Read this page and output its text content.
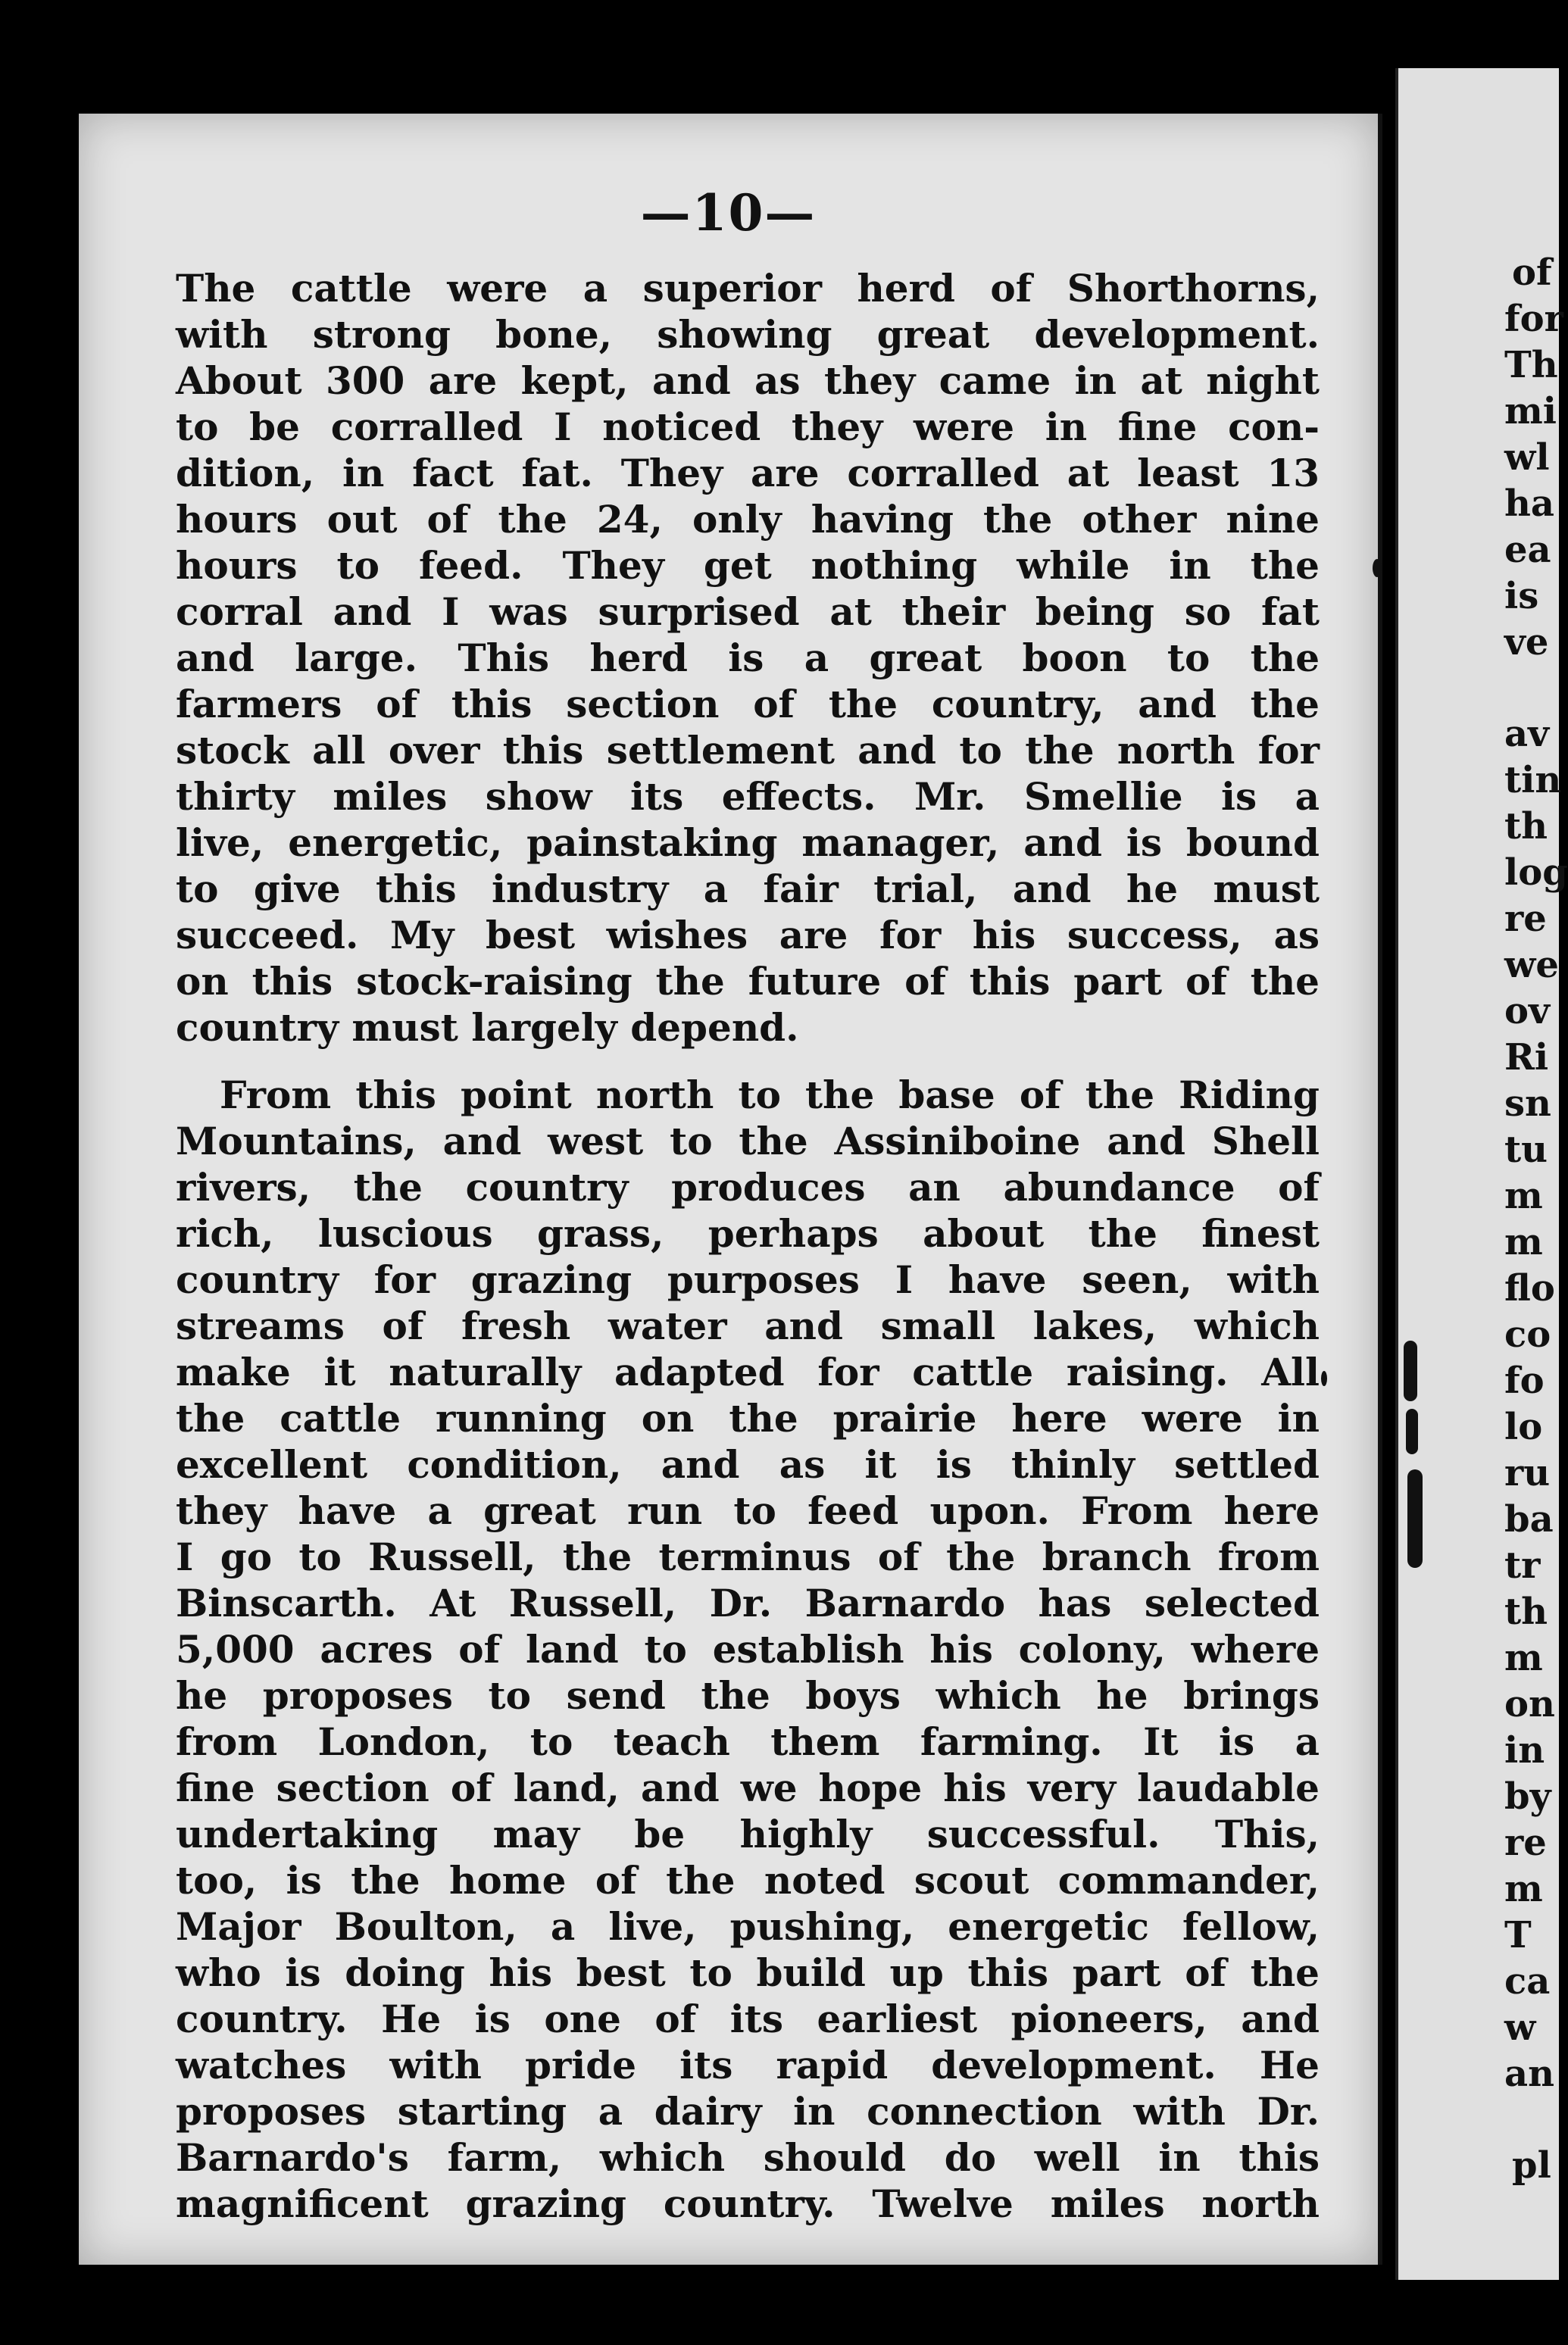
—10—
The cattle were a superior herd of Shorthorns,
with strong bone, showing great development.
About 300 are kept, and as they came in at night
to be corralled I noticed they were in fine con-
dition, in fact fat. They are corralled at least 13
hours out of the 24, only having the other nine
hours to feed. They get nothing while in the
corral and I was surprised at their being so fat
and large. This herd is a great boon to the
farmers of this section of the country, and the
stock all over this settlement and to the north for
thirty miles show its effects. Mr. Smellie is a
live, energetic, painstaking manager, and is bound
to give this industry a fair trial, and he must
succeed. My best wishes are for his success, as
on this stock-raising the future of this part of the
country must largely depend.
From this point north to the base of the Riding
Mountains, and west to the Assiniboine and Shell
rivers, the country produces an abundance of
rich, luscious grass, perhaps about the finest
country for grazing purposes I have seen, with
streams of fresh water and small lakes, which
make it naturally adapted for cattle raising. All
the cattle running on the prairie here were in
excellent condition, and as it is thinly settled
they have a great run to feed upon. From here
I go to Russell, the terminus of the branch from
Binscarth. At Russell, Dr. Barnardo has selected
5,000 acres of land to establish his colony, where
he proposes to send the boys which he brings
from London, to teach them farming. It is a
fine section of land, and we hope his very laudable
undertaking may be highly successful. This,
too, is the home of the noted scout commander,
Major Boulton, a live, pushing, energetic fellow,
who is doing his best to build up this part of the
country. He is one of its earliest pioneers, and
watches with pride its rapid development. He
proposes starting a dairy in connection with Dr.
Barnardo's farm, which should do well in this
magnificent grazing country. Twelve miles north
of
for
Th
mi
wl
ha
ea
is
ve
av
tin
th
log
re
we
ov
Ri
sn
tu
m
m
flo
co
fo
lo
ru
ba
tr
th
m
on
in
by
re
m
T
ca
w
an
pl
